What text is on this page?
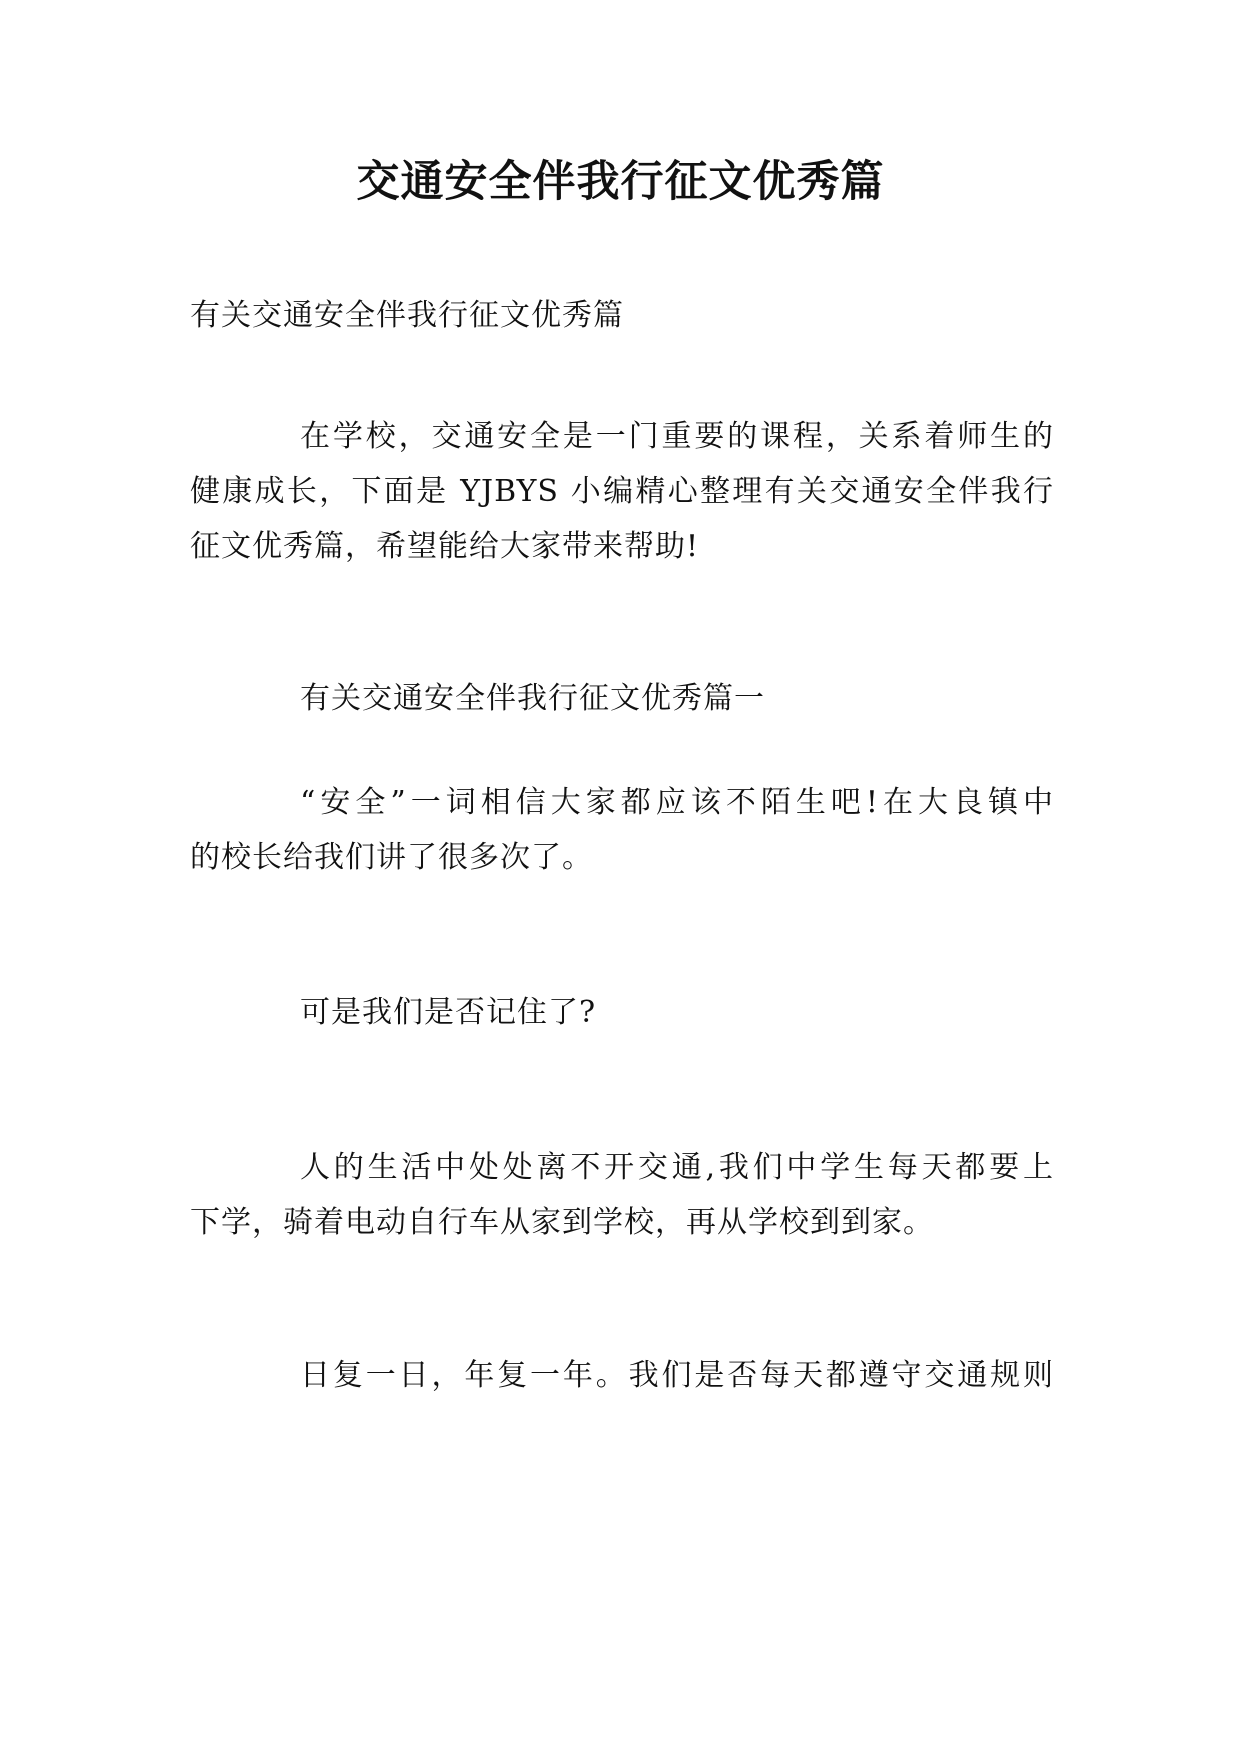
交通安全伴我行征文优秀篇
有关交通安全伴我行征文优秀篇
在学校，交通安全是一门重要的课程，关系着师生的
健康成长，下面是 YJBYS 小编精心整理有关交通安全伴我行
征文优秀篇，希望能给大家带来帮助!
有关交通安全伴我行征文优秀篇一
“安全”一词相信大家都应该不陌生吧!在大良镇中
的校长给我们讲了很多次了。
可是我们是否记住了?
人的生活中处处离不开交通,我们中学生每天都要上
下学，骑着电动自行车从家到学校，再从学校到到家。
日复一日，年复一年。我们是否每天都遵守交通规则
